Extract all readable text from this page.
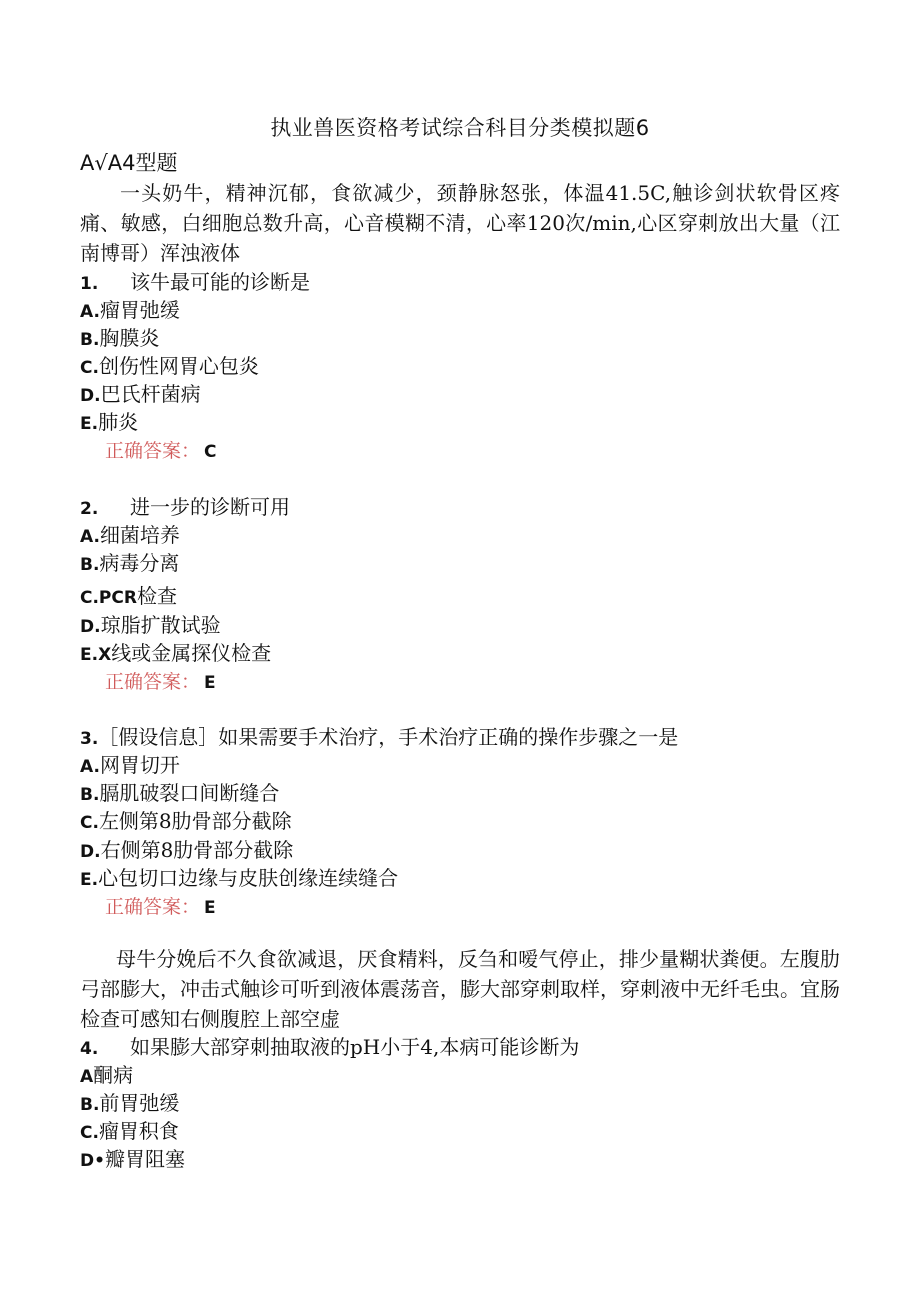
执业兽医资格考试综合科目分类模拟题6
A√A4型题
一头奶牛，精神沉郁，食欲减少，颈静脉怒张，体温41.5C,触诊剑状软骨区疼痛、敏感，白细胞总数升高，心音模糊不清，心率120次/min,心区穿刺放出大量（江南博哥）浑浊液体
1. 该牛最可能的诊断是
A.瘤胃弛缓
B.胸膜炎
C.创伤性网胃心包炎
D.巴氏杆菌病
E.肺炎
正确答案： C
2. 进一步的诊断可用
A.细菌培养
B.病毒分离
C.PCR检查
D.琼脂扩散试验
E.X线或金属探仪检查
正确答案： E
3.［假设信息］如果需要手术治疗，手术治疗正确的操作步骤之一是
A.网胃切开
B.膈肌破裂口间断缝合
C.左侧第8肋骨部分截除
D.右侧第8肋骨部分截除
E.心包切口边缘与皮肤创缘连续缝合
正确答案： E
母牛分娩后不久食欲减退，厌食精料，反刍和嗳气停止，排少量糊状粪便。左腹肋弓部膨大，冲击式触诊可听到液体震荡音，膨大部穿刺取样，穿刺液中无纤毛虫。宜肠检查可感知右侧腹腔上部空虚
4. 如果膨大部穿刺抽取液的pH小于4,本病可能诊断为
A酮病
B.前胃弛缓
C.瘤胃积食
D•瓣胃阻塞
